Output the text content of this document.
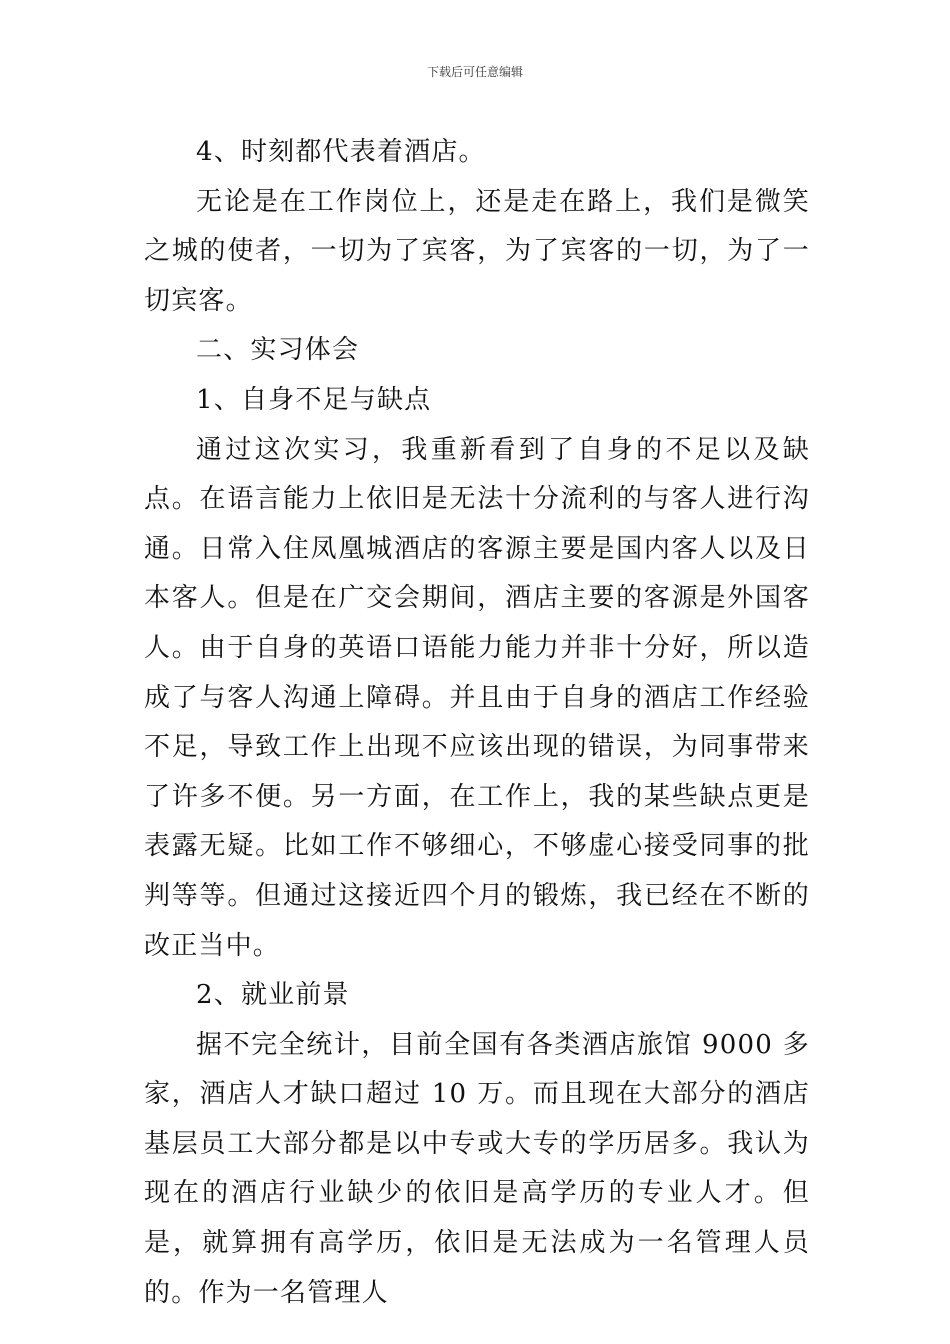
下载后可任意编辑

4、时刻都代表着酒店。

无论是在工作岗位上，还是走在路上，我们是微笑之城的使者，一切为了宾客，为了宾客的一切，为了一切宾客。

二、实习体会

1、自身不足与缺点

通过这次实习，我重新看到了自身的不足以及缺点。在语言能力上依旧是无法十分流利的与客人进行沟通。日常入住凤凰城酒店的客源主要是国内客人以及日本客人。但是在广交会期间，酒店主要的客源是外国客人。由于自身的英语口语能力能力并非十分好，所以造成了与客人沟通上障碍。并且由于自身的酒店工作经验不足，导致工作上出现不应该出现的错误，为同事带来了许多不便。另一方面，在工作上，我的某些缺点更是表露无疑。比如工作不够细心，不够虚心接受同事的批判等等。但通过这接近四个月的锻炼，我已经在不断的改正当中。

2、就业前景

据不完全统计，目前全国有各类酒店旅馆 9000 多家，酒店人才缺口超过 10 万。而且现在大部分的酒店基层员工大部分都是以中专或大专的学历居多。我认为现在的酒店行业缺少的依旧是高学历的专业人才。但是，就算拥有高学历，依旧是无法成为一名管理人员的。作为一名管理人
